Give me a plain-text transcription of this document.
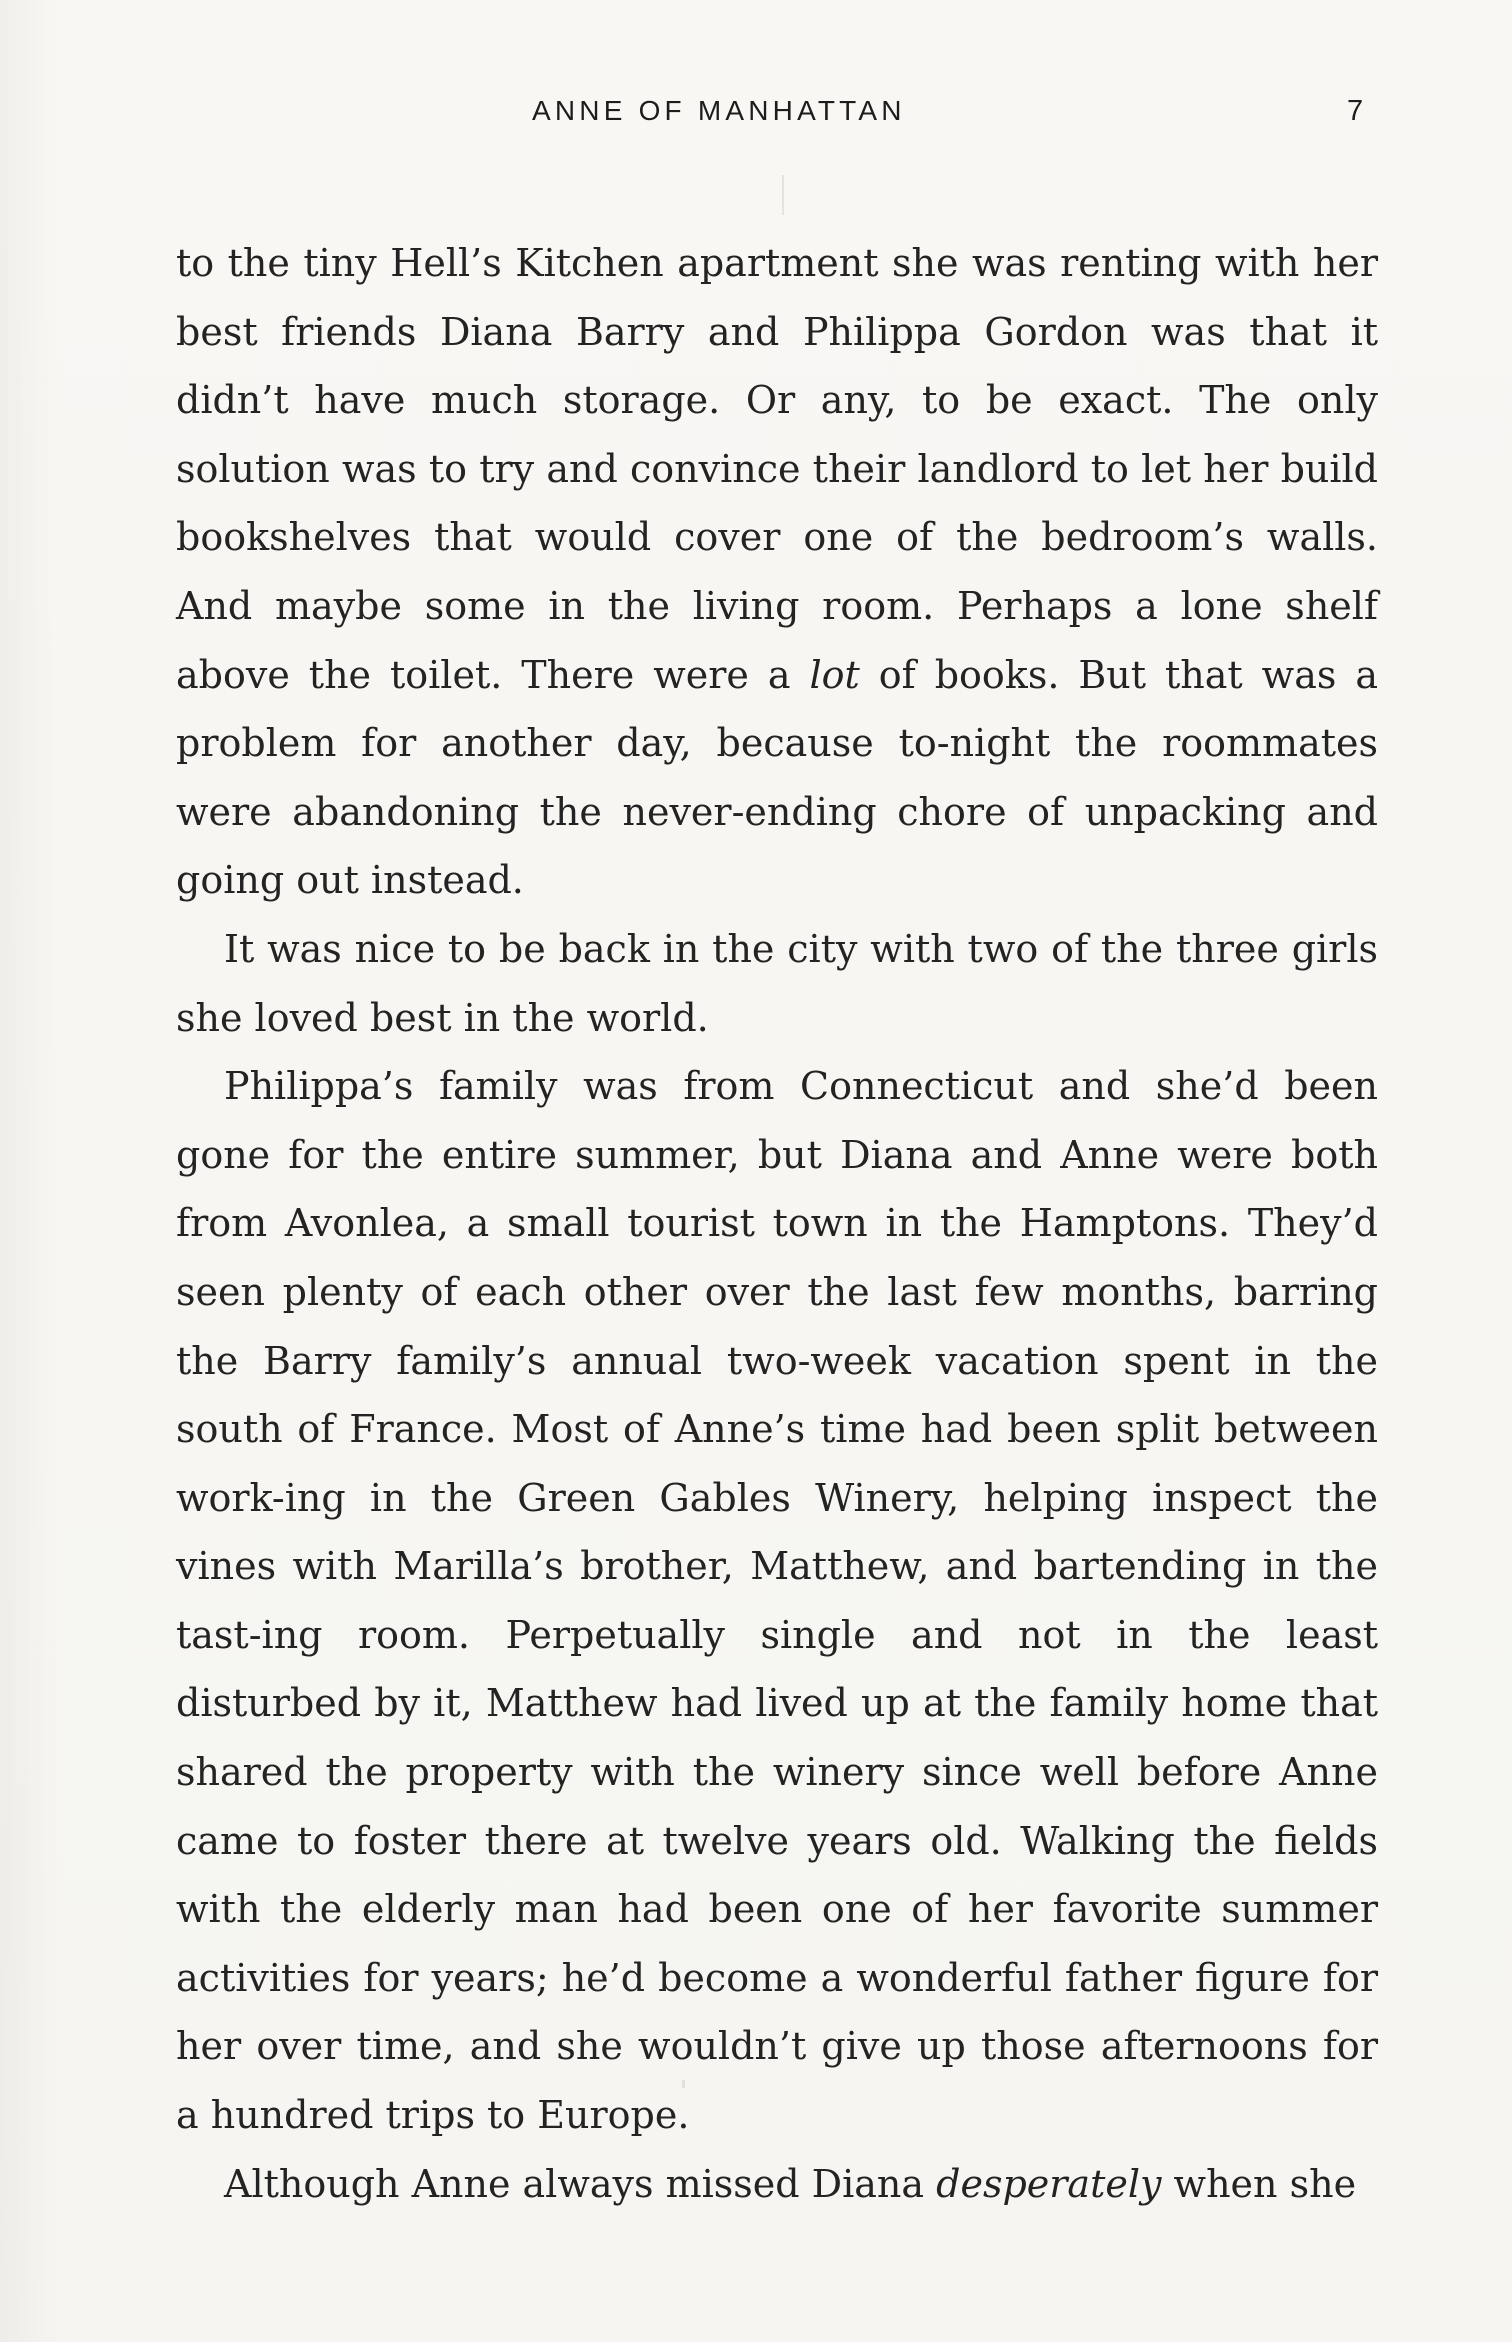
ANNE OF MANHATTAN	7

to the tiny Hell’s Kitchen apartment she was renting with her best friends Diana Barry and Philippa Gordon was that it didn’t have much storage. Or any, to be exact. The only solution was to try and convince their landlord to let her build bookshelves that would cover one of the bedroom’s walls. And maybe some in the living room. Perhaps a lone shelf above the toilet. There were a lot of books. But that was a problem for another day, because to-night the roommates were abandoning the never-ending chore of unpacking and going out instead.

It was nice to be back in the city with two of the three girls she loved best in the world.

Philippa’s family was from Connecticut and she’d been gone for the entire summer, but Diana and Anne were both from Avonlea, a small tourist town in the Hamptons. They’d seen plenty of each other over the last few months, barring the Barry family’s annual two-week vacation spent in the south of France. Most of Anne’s time had been split between work-ing in the Green Gables Winery, helping inspect the vines with Marilla’s brother, Matthew, and bartending in the tast-ing room. Perpetually single and not in the least disturbed by it, Matthew had lived up at the family home that shared the property with the winery since well before Anne came to foster there at twelve years old. Walking the fields with the elderly man had been one of her favorite summer activities for years; he’d become a wonderful father figure for her over time, and she wouldn’t give up those afternoons for a hundred trips to Europe.

Although Anne always missed Diana desperately when she
